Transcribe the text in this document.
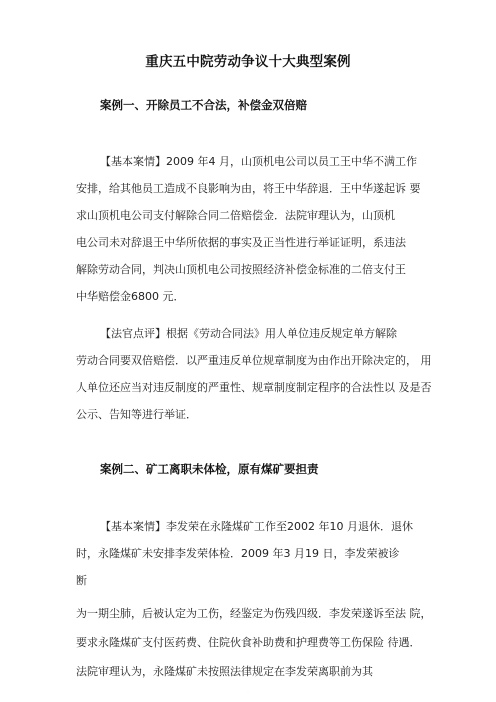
重庆五中院劳动争议十大典型案例
案例一、开除员工不合法，补偿金双倍赔
【基本案情】2009 年4 月，山顶机电公司以员工王中华不满工作
安排，给其他员工造成不良影响为由，将王中华辞退．王中华遂起诉 要
求山顶机电公司支付解除合同二倍赔偿金．法院审理认为，山顶机
电公司未对辞退王中华所依据的事实及正当性进行举证证明，系违法
解除劳动合同，判决山顶机电公司按照经济补偿金标准的二倍支付王
中华赔偿金6800 元．
【法官点评】根据《劳动合同法》用人单位违反规定单方解除
劳动合同要双倍赔偿．以严重违反单位规章制度为由作出开除决定的， 用
人单位还应当对违反制度的严重性、规章制度制定程序的合法性以 及是否
公示、告知等进行举证．
案例二、矿工离职未体检，原有煤矿要担责
【基本案情】李发荣在永隆煤矿工作至2002 年10 月退休．退休
时，永隆煤矿未安排李发荣体检．2009 年3 月19 日，李发荣被诊
断
为一期尘肺，后被认定为工伤，经鉴定为伤残四级．李发荣遂诉至法 院，
要求永隆煤矿支付医药费、住院伙食补助费和护理费等工伤保险 待遇．
法院审理认为，永隆煤矿未按照法律规定在李发荣离职前为其
·
